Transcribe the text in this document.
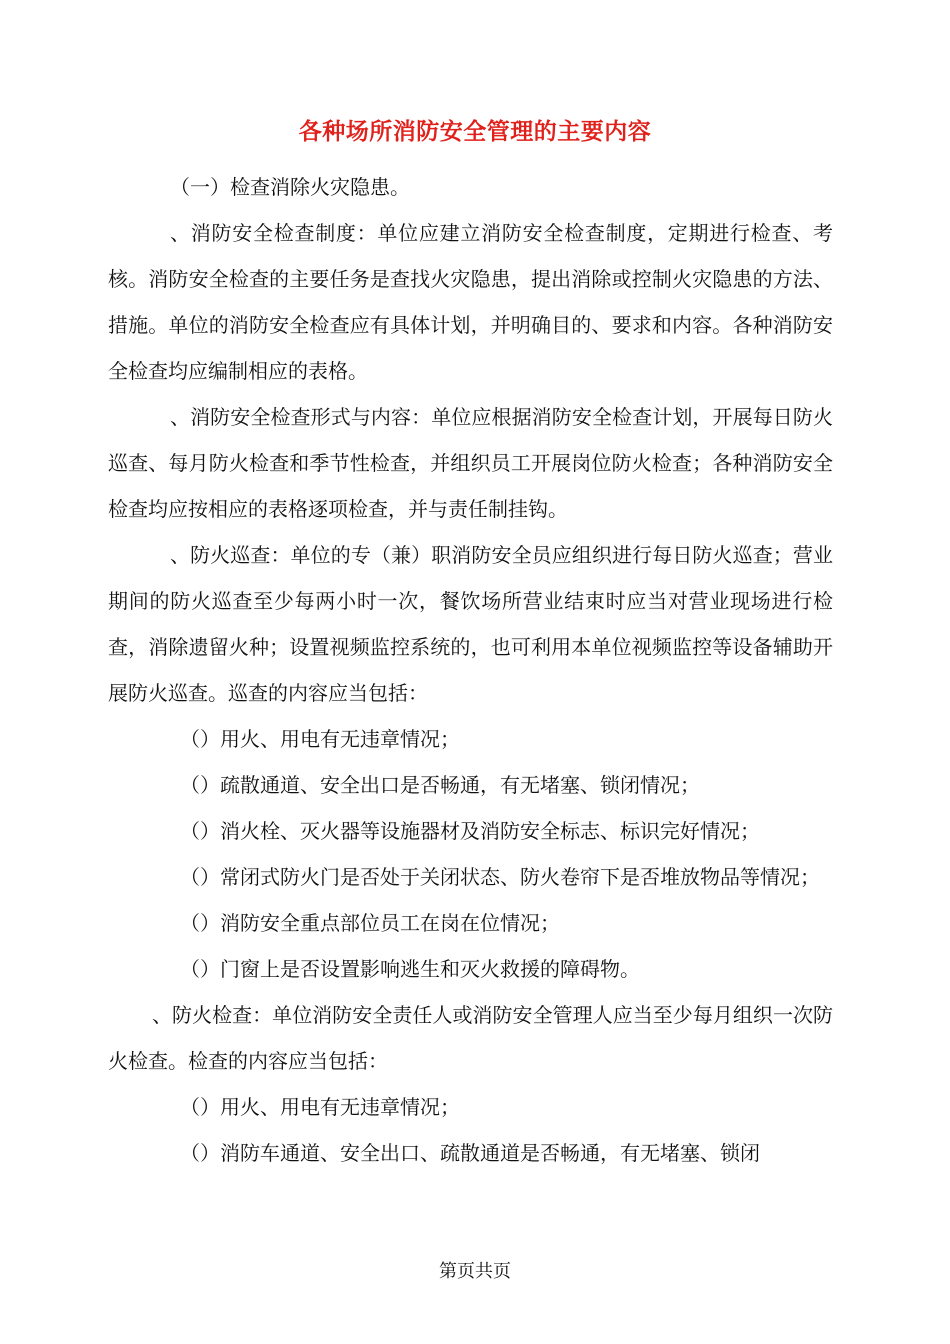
各种场所消防安全管理的主要内容

（一）检查消除火灾隐患。

、消防安全检查制度：单位应建立消防安全检查制度，定期进行检查、考核。消防安全检查的主要任务是查找火灾隐患，提出消除或控制火灾隐患的方法、措施。单位的消防安全检查应有具体计划，并明确目的、要求和内容。各种消防安全检查均应编制相应的表格。

、消防安全检查形式与内容：单位应根据消防安全检查计划，开展每日防火巡查、每月防火检查和季节性检查，并组织员工开展岗位防火检查；各种消防安全检查均应按相应的表格逐项检查，并与责任制挂钩。

、防火巡查：单位的专（兼）职消防安全员应组织进行每日防火巡查；营业期间的防火巡查至少每两小时一次，餐饮场所营业结束时应当对营业现场进行检查，消除遗留火种；设置视频监控系统的，也可利用本单位视频监控等设备辅助开展防火巡查。巡查的内容应当包括：

（）用火、用电有无违章情况；

（）疏散通道、安全出口是否畅通，有无堵塞、锁闭情况；

（）消火栓、灭火器等设施器材及消防安全标志、标识完好情况；

（）常闭式防火门是否处于关闭状态、防火卷帘下是否堆放物品等情况；

（）消防安全重点部位员工在岗在位情况；

（）门窗上是否设置影响逃生和灭火救援的障碍物。

、防火检查：单位消防安全责任人或消防安全管理人应当至少每月组织一次防火检查。检查的内容应当包括：

（）用火、用电有无违章情况；

（）消防车通道、安全出口、疏散通道是否畅通，有无堵塞、锁闭

第页共页
